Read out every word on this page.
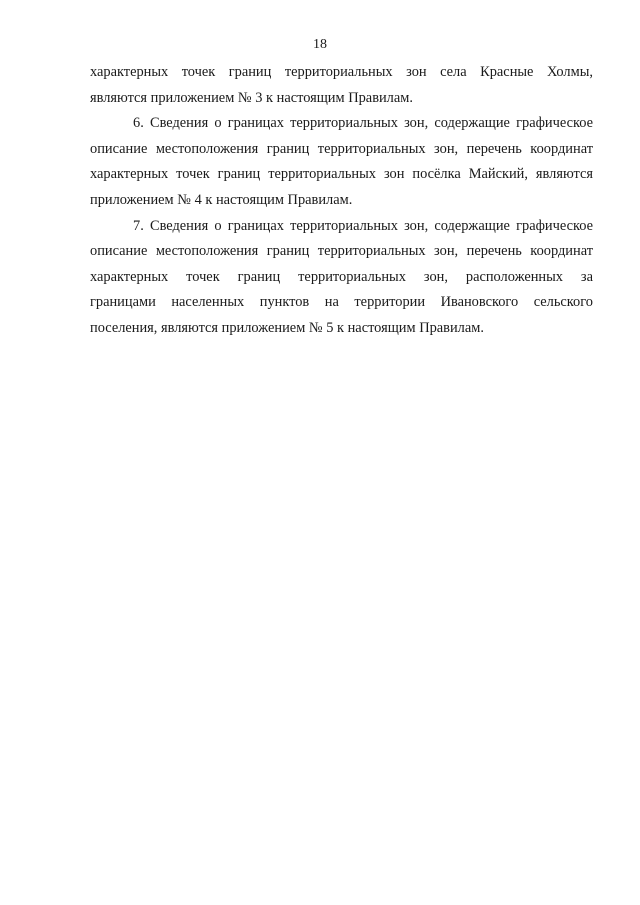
18
характерных точек границ территориальных зон села Красные Холмы,
являются приложением № 3 к настоящим Правилам.
6. Сведения о границах территориальных зон, содержащие графическое
описание местоположения границ территориальных зон, перечень координат
характерных точек границ территориальных зон посёлка Майский, являются
приложением № 4 к настоящим Правилам.
7. Сведения о границах территориальных зон, содержащие графическое
описание местоположения границ территориальных зон, перечень координат
характерных точек границ территориальных зон, расположенных за
границами населенных пунктов на территории Ивановского сельского
поселения, являются приложением № 5 к настоящим Правилам.
